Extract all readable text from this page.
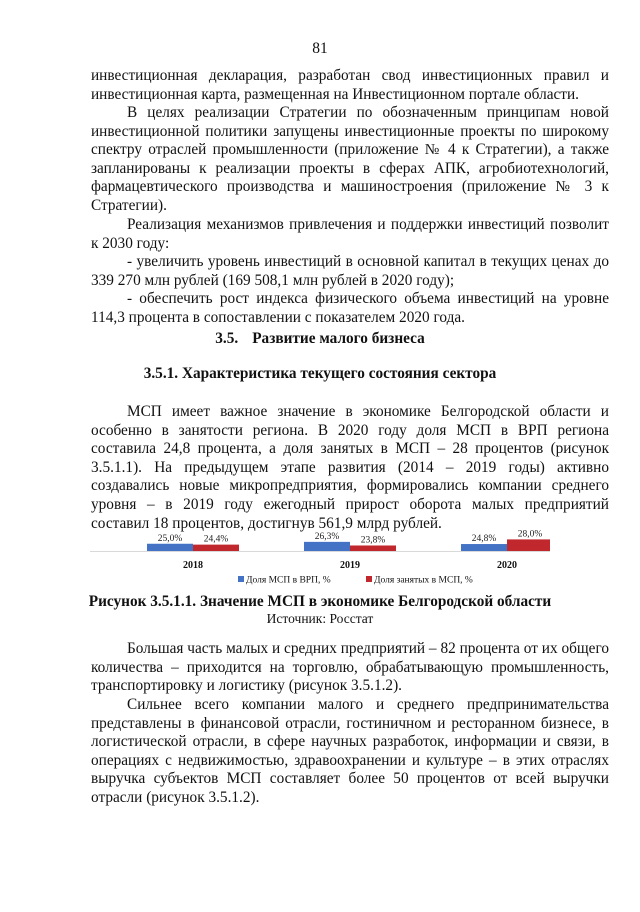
81

инвестиционная декларация, разработан свод инвестиционных правил и инвестиционная карта, размещенная на Инвестиционном портале области.

В целях реализации Стратегии по обозначенным принципам новой инвестиционной политики запущены инвестиционные проекты по широкому спектру отраслей промышленности (приложение № 4 к Стратегии), а также запланированы к реализации проекты в сферах АПК, агробиотехнологий, фармацевтического производства и машиностроения (приложение № 3 к Стратегии).

Реализация механизмов привлечения и поддержки инвестиций позволит к 2030 году:

- увеличить уровень инвестиций в основной капитал в текущих ценах до 339 270 млн рублей (169 508,1 млн рублей в 2020 году);

- обеспечить рост индекса физического объема инвестиций на уровне 114,3 процента в сопоставлении с показателем 2020 года.

3.5. Развитие малого бизнеса

3.5.1. Характеристика текущего состояния сектора

МСП имеет важное значение в экономике Белгородской области и особенно в занятости региона. В 2020 году доля МСП в ВРП региона составила 24,8 процента, а доля занятых в МСП – 28 процентов (рисунок 3.5.1.1). На предыдущем этапе развития (2014 – 2019 годы) активно создавались новые микропредприятия, формировались компании среднего уровня – в 2019 году ежегодный прирост оборота малых предприятий составил 18 процентов, достигнув 561,9 млрд рублей.

25,0% 24,4%
2018
26,3% 23,8%
2019
24,8% 28,0%
2020
Доля МСП в ВРП, %	Доля занятых в МСП, %

Рисунок 3.5.1.1. Значение МСП в экономике Белгородской области

Источник: Росстат

Большая часть малых и средних предприятий – 82 процента от их общего количества – приходится на торговлю, обрабатывающую промышленность, транспортировку и логистику (рисунок 3.5.1.2).

Сильнее всего компании малого и среднего предпринимательства представлены в финансовой отрасли, гостиничном и ресторанном бизнесе, в логистической отрасли, в сфере научных разработок, информации и связи, в операциях с недвижимостью, здравоохранении и культуре – в этих отраслях выручка субъектов МСП составляет более 50 процентов от всей выручки отрасли (рисунок 3.5.1.2).
